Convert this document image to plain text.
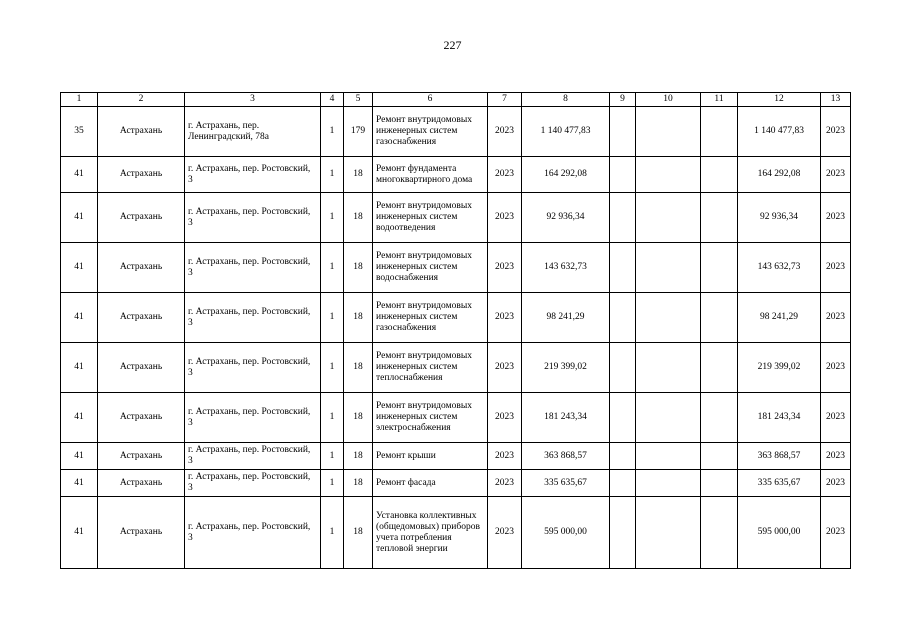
227
1	2	3	4	5	6	7	8	9	10	11	12	13
35	Астрахань	г. Астрахань, пер. Ленинградский, 78а	1	179	Ремонт внутридомовых инженерных систем газоснабжения	2023	1 140 477,83				1 140 477,83	2023
41	Астрахань	г. Астрахань, пер. Ростовский, 3	1	18	Ремонт фундамента многоквартирного дома	2023	164 292,08				164 292,08	2023
41	Астрахань	г. Астрахань, пер. Ростовский, 3	1	18	Ремонт внутридомовых инженерных систем водоотведения	2023	92 936,34				92 936,34	2023
41	Астрахань	г. Астрахань, пер. Ростовский, 3	1	18	Ремонт внутридомовых инженерных систем водоснабжения	2023	143 632,73				143 632,73	2023
41	Астрахань	г. Астрахань, пер. Ростовский, 3	1	18	Ремонт внутридомовых инженерных систем газоснабжения	2023	98 241,29				98 241,29	2023
41	Астрахань	г. Астрахань, пер. Ростовский, 3	1	18	Ремонт внутридомовых инженерных систем теплоснабжения	2023	219 399,02				219 399,02	2023
41	Астрахань	г. Астрахань, пер. Ростовский, 3	1	18	Ремонт внутридомовых инженерных систем электроснабжения	2023	181 243,34				181 243,34	2023
41	Астрахань	г. Астрахань, пер. Ростовский, 3	1	18	Ремонт крыши	2023	363 868,57				363 868,57	2023
41	Астрахань	г. Астрахань, пер. Ростовский, 3	1	18	Ремонт фасада	2023	335 635,67				335 635,67	2023
41	Астрахань	г. Астрахань, пер. Ростовский, 3	1	18	Установка коллективных (общедомовых) приборов учета потребления тепловой энергии	2023	595 000,00				595 000,00	2023
